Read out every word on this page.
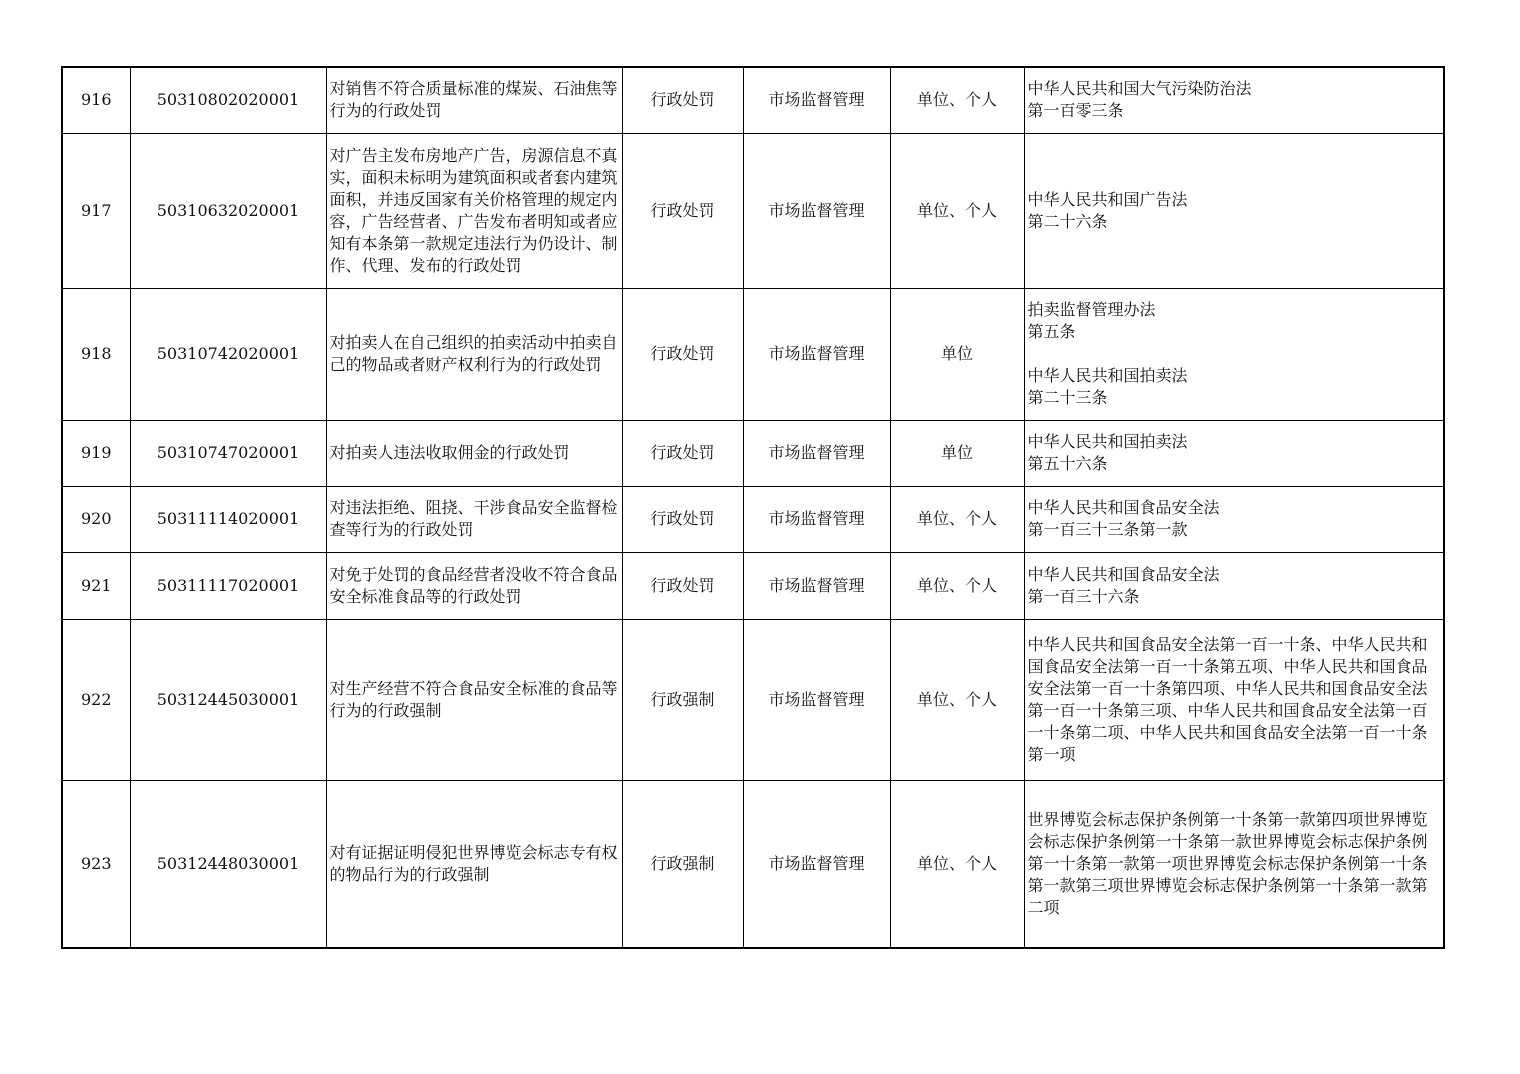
916	50310802020001	对销售不符合质量标准的煤炭、石油焦等行为的行政处罚	行政处罚	市场监督管理	单位、个人	中华人民共和国大气污染防治法
第一百零三条

917	50310632020001	对广告主发布房地产广告，房源信息不真实，面积未标明为建筑面积或者套内建筑面积，并违反国家有关价格管理的规定内容，广告经营者、广告发布者明知或者应知有本条第一款规定违法行为仍设计、制作、代理、发布的行政处罚	行政处罚	市场监督管理	单位、个人	中华人民共和国广告法
第二十六条

918	50310742020001	对拍卖人在自己组织的拍卖活动中拍卖自己的物品或者财产权利行为的行政处罚	行政处罚	市场监督管理	单位	拍卖监督管理办法
第五条
中华人民共和国拍卖法
第二十三条

919	50310747020001	对拍卖人违法收取佣金的行政处罚	行政处罚	市场监督管理	单位	中华人民共和国拍卖法
第五十六条

920	50311114020001	对违法拒绝、阻挠、干涉食品安全监督检查等行为的行政处罚	行政处罚	市场监督管理	单位、个人	中华人民共和国食品安全法
第一百三十三条第一款

921	50311117020001	对免于处罚的食品经营者没收不符合食品安全标准食品等的行政处罚	行政处罚	市场监督管理	单位、个人	中华人民共和国食品安全法
第一百三十六条

922	50312445030001	对生产经营不符合食品安全标准的食品等行为的行政强制	行政强制	市场监督管理	单位、个人	中华人民共和国食品安全法第一百一十条、中华人民共和国食品安全法第一百一十条第五项、中华人民共和国食品安全法第一百一十条第四项、中华人民共和国食品安全法第一百一十条第三项、中华人民共和国食品安全法第一百一十条第二项、中华人民共和国食品安全法第一百一十条第一项

923	50312448030001	对有证据证明侵犯世界博览会标志专有权的物品行为的行政强制	行政强制	市场监督管理	单位、个人	世界博览会标志保护条例第一十条第一款第四项世界博览会标志保护条例第一十条第一款世界博览会标志保护条例第一十条第一款第一项世界博览会标志保护条例第一十条第一款第三项世界博览会标志保护条例第一十条第一款第二项
